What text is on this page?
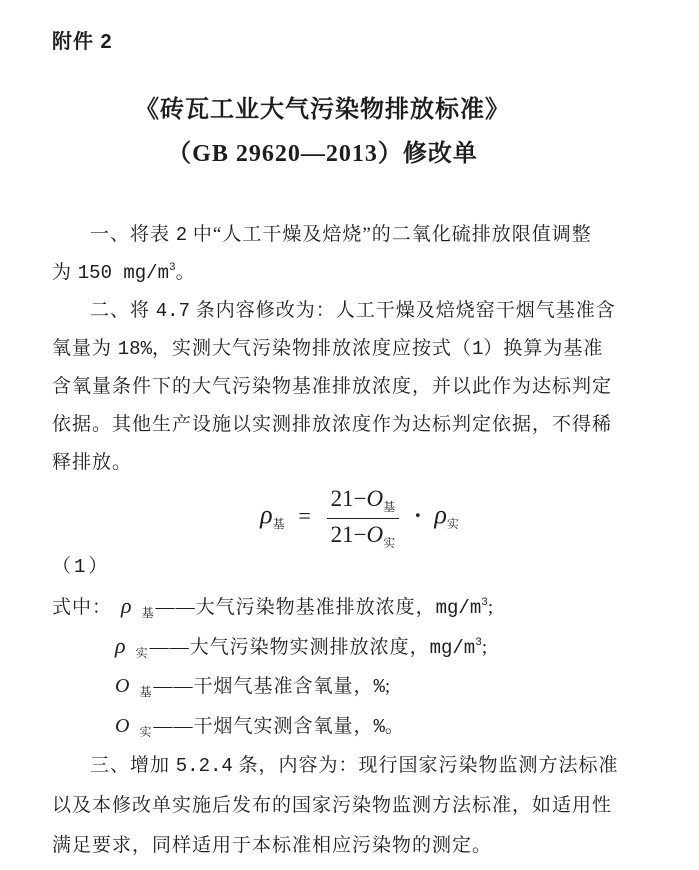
附件 2
《砖瓦工业大气污染物排放标准》
（GB 29620—2013）修改单
一、将表 2 中“人工干燥及焙烧”的二氧化硫排放限值调整
为 150 $mg/m^3$。
二、将 4.7 条内容修改为：人工干燥及焙烧窑干烟气基准含
氧量为 18%，实测大气污染物排放浓度应按式（1）换算为基准
含氧量条件下的大气污染物基准排放浓度，并以此作为达标判定
依据。其他生产设施以实测排放浓度作为达标判定依据，不得稀
释排放。
$\rho_基 = \frac{21-O_基}{21-O_实} \cdot \rho_实$
（1）
式中： ρ $_基$——大气污染物基准排放浓度，$mg/m^3$;
ρ $_实$——大气污染物实测排放浓度，$mg/m^3$;
O $_基$——干烟气基准含氧量，%;
O $_实$——干烟气实测含氧量，%。
三、增加 5.2.4 条，内容为：现行国家污染物监测方法标准
以及本修改单实施后发布的国家污染物监测方法标准，如适用性
满足要求，同样适用于本标准相应污染物的测定。
